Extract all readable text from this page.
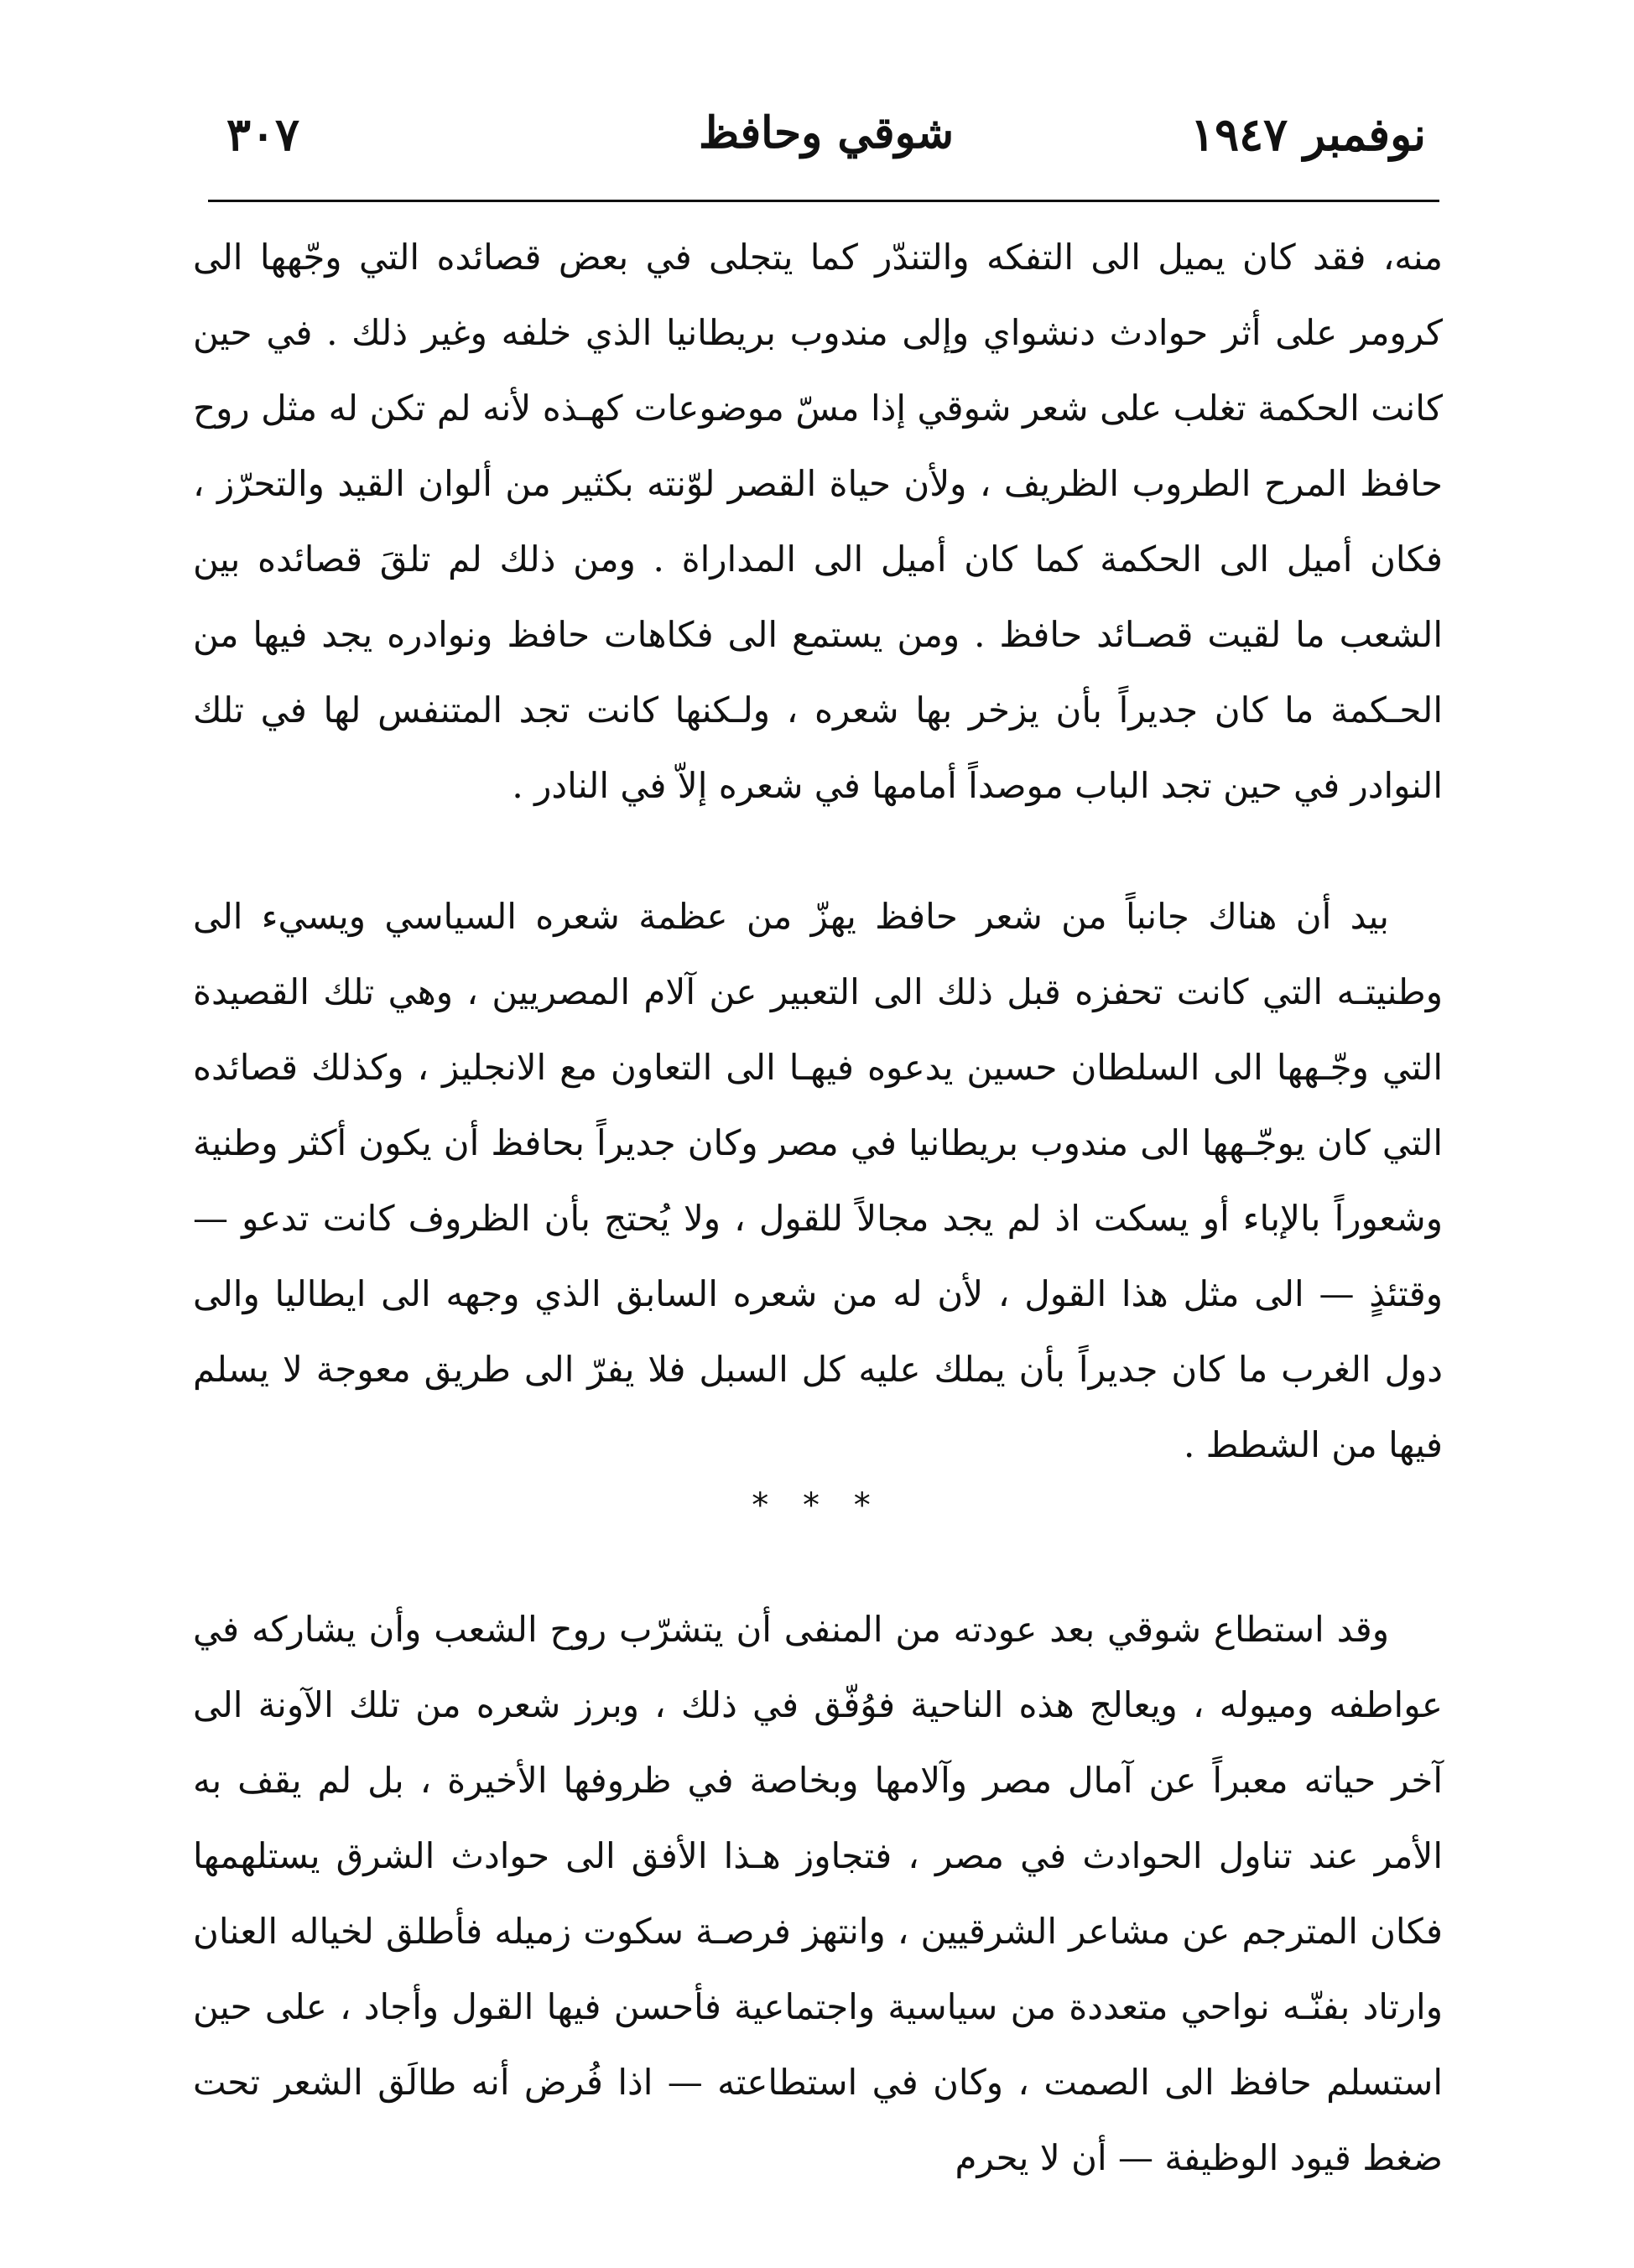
نوفمبر ١٩٤٧
شوقي وحافظ
٣٠٧

منه، فقد كان يميل الى التفكه والتندّر كما يتجلى في بعض قصائده التي وجّهها الى كرومر على أثر حوادث دنشواي وإلى مندوب بريطانيا الذي خلفه وغير ذلك . في حين كانت الحكمة تغلب على شعر شوقي إذا مسّ موضوعات كهـذه لأنه لم تكن له مثل روح حافظ المرح الطروب الظريف ، ولأن حياة القصر لوّنته بكثير من ألوان القيد والتحرّز ، فكان أميل الى الحكمة كما كان أميل الى المداراة . ومن ذلك لم تلقَ قصائده بين الشعب ما لقيت قصـائد حافظ . ومن يستمع الى فكاهات حافظ ونوادره يجد فيها من الحـكمة ما كان جديراً بأن يزخر بها شعره ، ولـكنها كانت تجد المتنفس لها في تلك النوادر في حين تجد الباب موصداً أمامها في شعره إلاّ في النادر .

بيد أن هناك جانباً من شعر حافظ يهزّ من عظمة شعره السياسي ويسيء الى وطنيتـه التي كانت تحفزه قبل ذلك الى التعبير عن آلام المصريين ، وهي تلك القصيدة التي وجّـهها الى السلطان حسين يدعوه فيهـا الى التعاون مع الانجليز ، وكذلك قصائده التي كان يوجّـهها الى مندوب بريطانيا في مصر وكان جديراً بحافظ أن يكون أكثر وطنية وشعوراً بالإباء أو يسكت اذ لم يجد مجالاً للقول ، ولا يُحتج بأن الظروف كانت تدعو — وقتئذٍ — الى مثل هذا القول ، لأن له من شعره السابق الذي وجهه الى ايطاليا والى دول الغرب ما كان جديراً بأن يملك عليه كل السبل فلا يفرّ الى طريق معوجة لا يسلم فيها من الشطط .

* * *

وقد استطاع شوقي بعد عودته من المنفى أن يتشرّب روح الشعب وأن يشاركه في عواطفه وميوله ، ويعالج هذه الناحية فوُفّق في ذلك ، وبرز شعره من تلك الآونة الى آخر حياته معبراً عن آمال مصر وآلامها وبخاصة في ظروفها الأخيرة ، بل لم يقف به الأمر عند تناول الحوادث في مصر ، فتجاوز هـذا الأفق الى حوادث الشرق يستلهمها فكان المترجم عن مشاعر الشرقيين ، وانتهز فرصـة سكوت زميله فأطلق لخياله العنان وارتاد بفنّـه نواحي متعددة من سياسية واجتماعية فأحسن فيها القول وأجاد ، على حين استسلم حافظ الى الصمت ، وكان في استطاعته — اذا فُرض أنه طالَق الشعر تحت ضغط قيود الوظيفة — أن لا يحرم
